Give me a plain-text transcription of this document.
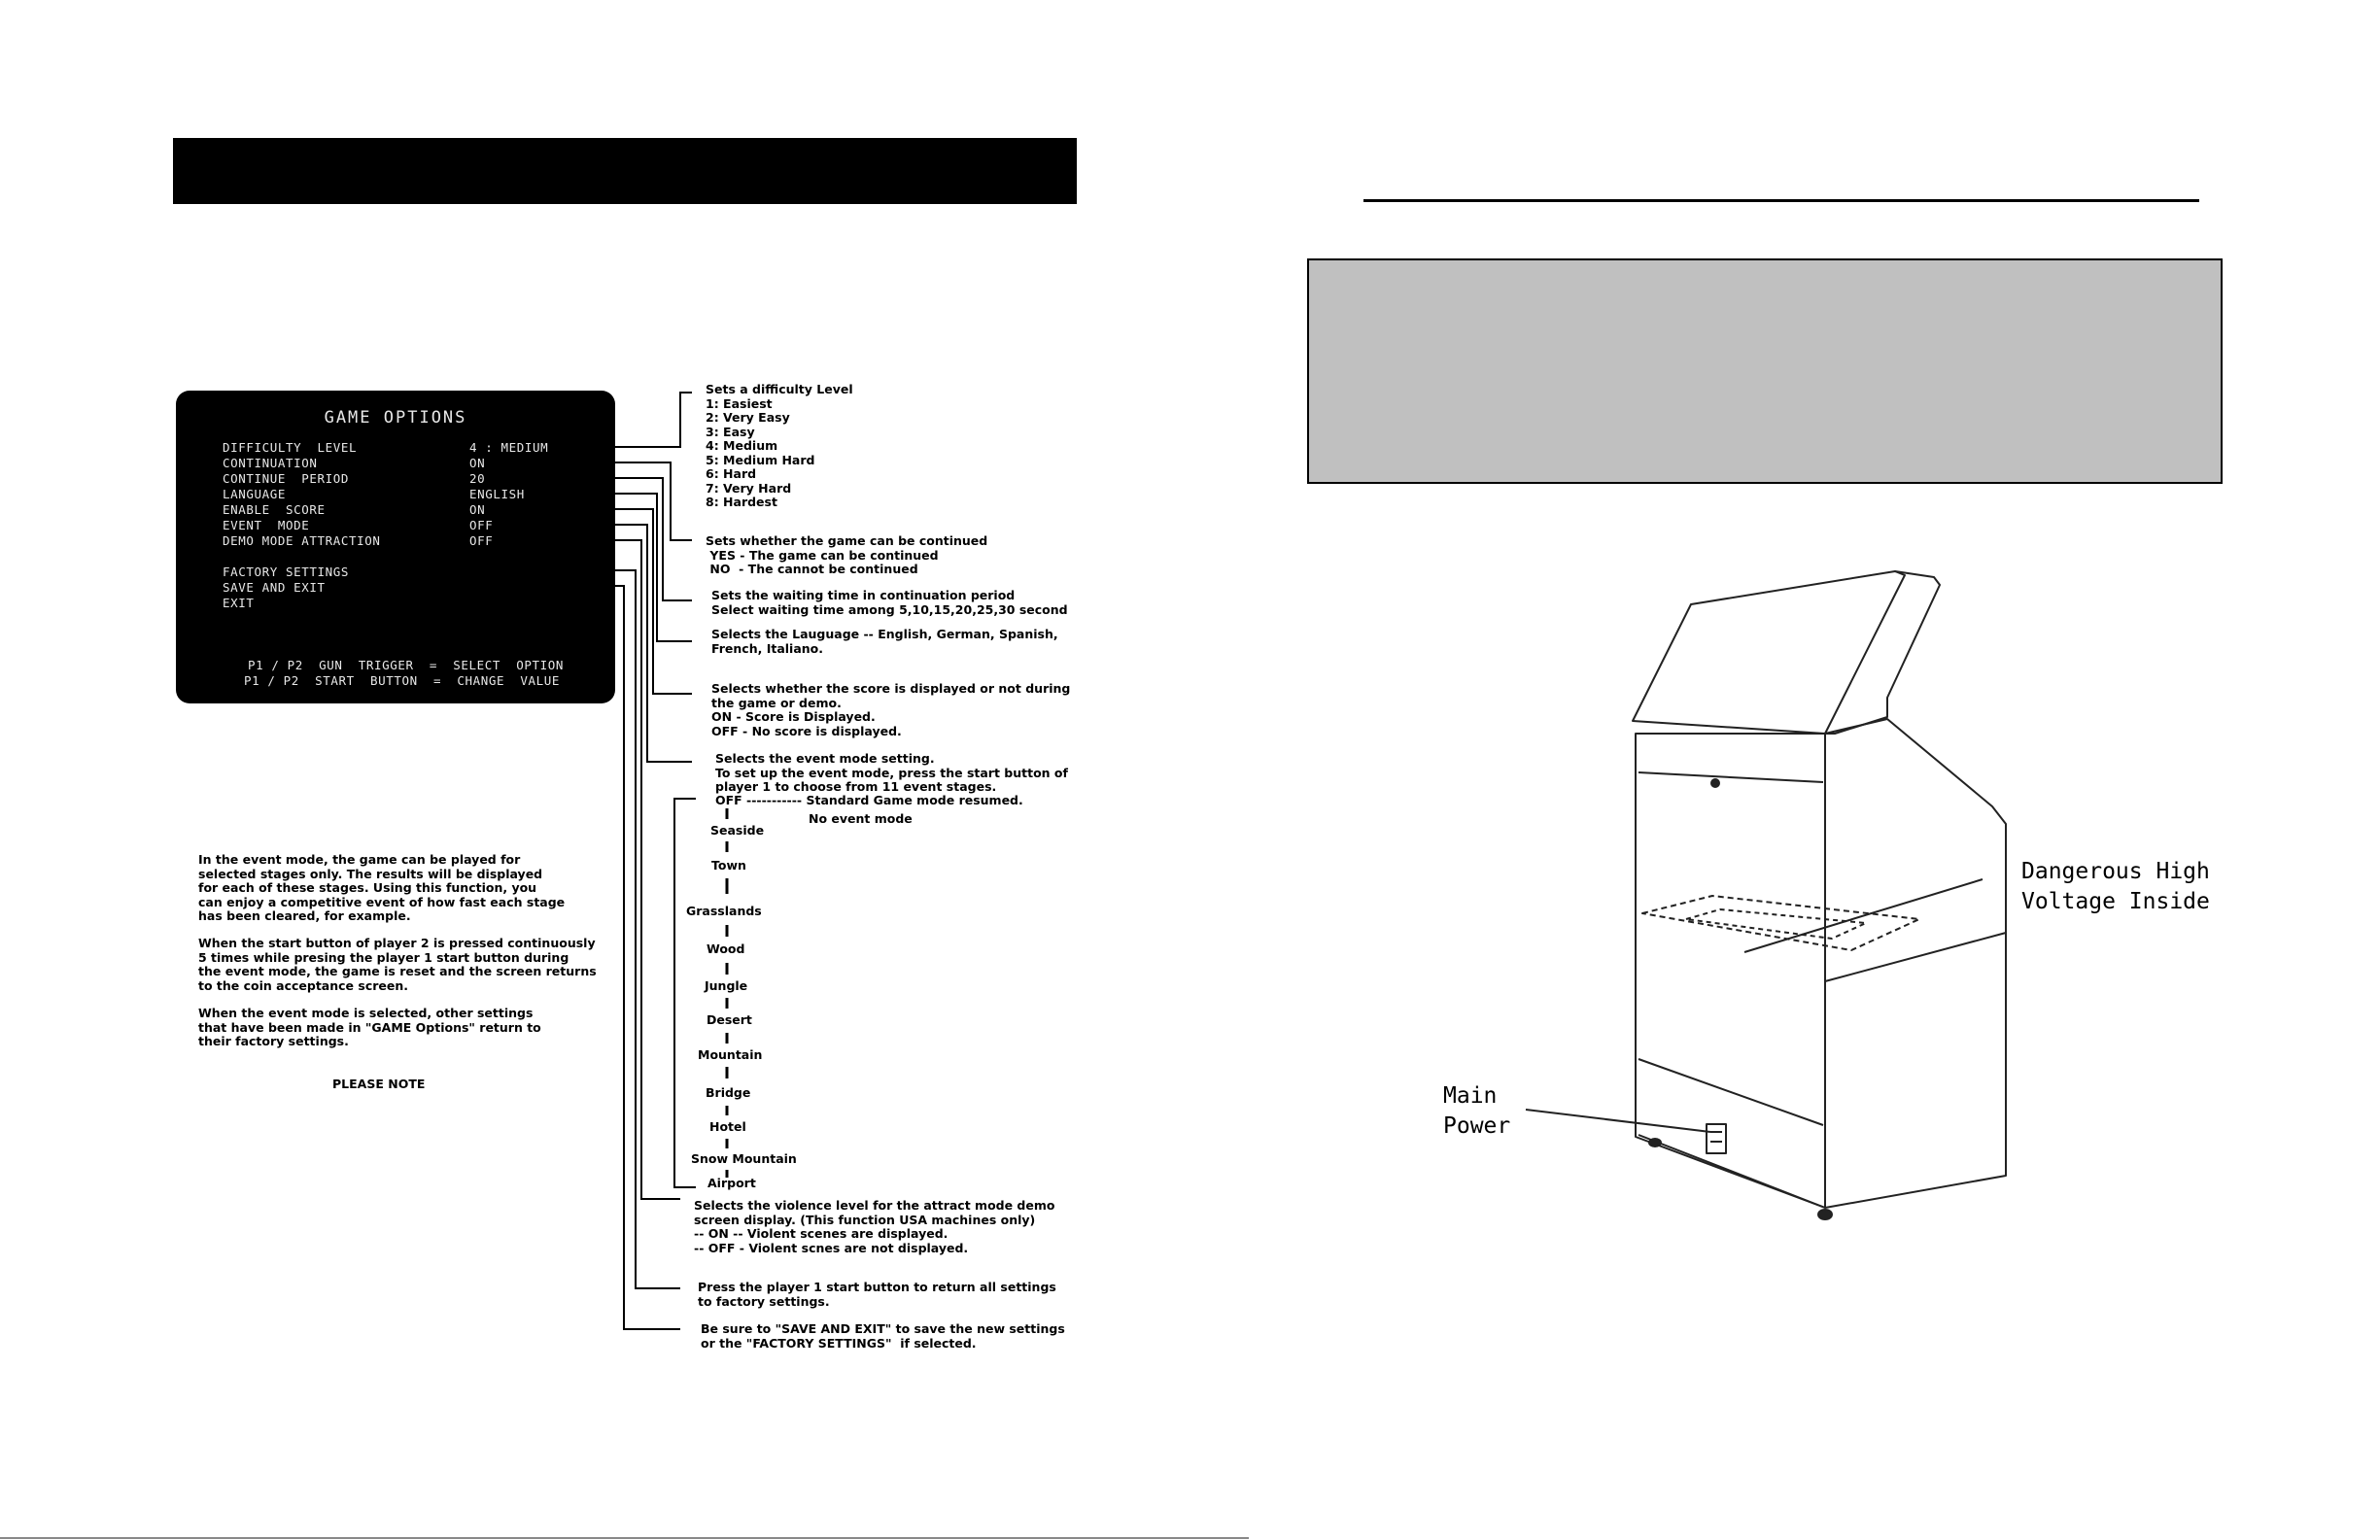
GAME OPTIONS
DIFFICULTY  LEVEL	4 : MEDIUM
CONTINUATION	ON
CONTINUE  PERIOD	20
LANGUAGE	ENGLISH
ENABLE  SCORE	ON
EVENT  MODE	OFF
DEMO MODE ATTRACTION	OFF
FACTORY SETTINGS
SAVE AND EXIT
EXIT
P1 / P2  GUN  TRIGGER  =  SELECT  OPTION
P1 / P2  START  BUTTON  =  CHANGE  VALUE
Sets a difficulty Level
1: Easiest
2: Very Easy
3: Easy
4: Medium
5: Medium Hard
6: Hard
7: Very Hard
8: Hardest
Sets whether the game can be continued
YES - The game can be continued
NO  - The cannot be continued
Sets the waiting time in continuation period
Select waiting time among 5,10,15,20,25,30 second
Selects the Lauguage -- English, German, Spanish,
French, Italiano.
Selects whether the score is displayed or not during
the game or demo.
ON - Score is Displayed.
OFF - No score is displayed.
Selects the event mode setting.
To set up the event mode, press the start button of
player 1 to choose from 11 event stages.
OFF ----------- Standard Game mode resumed.
No event mode
Selects the violence level for the attract mode demo
screen display. (This function USA machines only)
-- ON -- Violent scenes are displayed.
-- OFF - Violent scnes are not displayed.
Press the player 1 start button to return all settings
to factory settings.
Be sure to "SAVE AND EXIT" to save the new settings
or the "FACTORY SETTINGS"  if selected.
Seaside
Town
Grasslands
Wood
Jungle
Desert
Mountain
Bridge
Hotel
Snow Mountain
Airport
In the event mode, the game can be played for
selected stages only. The results will be displayed
for each of these stages. Using this function, you
can enjoy a competitive event of how fast each stage
has been cleared, for example.
When the start button of player 2 is pressed continuously
5 times while presing the player 1 start button during
the event mode, the game is reset and the screen returns
to the coin acceptance screen.
When the event mode is selected, other settings
that have been made in "GAME Options" return to
their factory settings.
PLEASE NOTE
Dangerous High
Voltage Inside
Main
Power
